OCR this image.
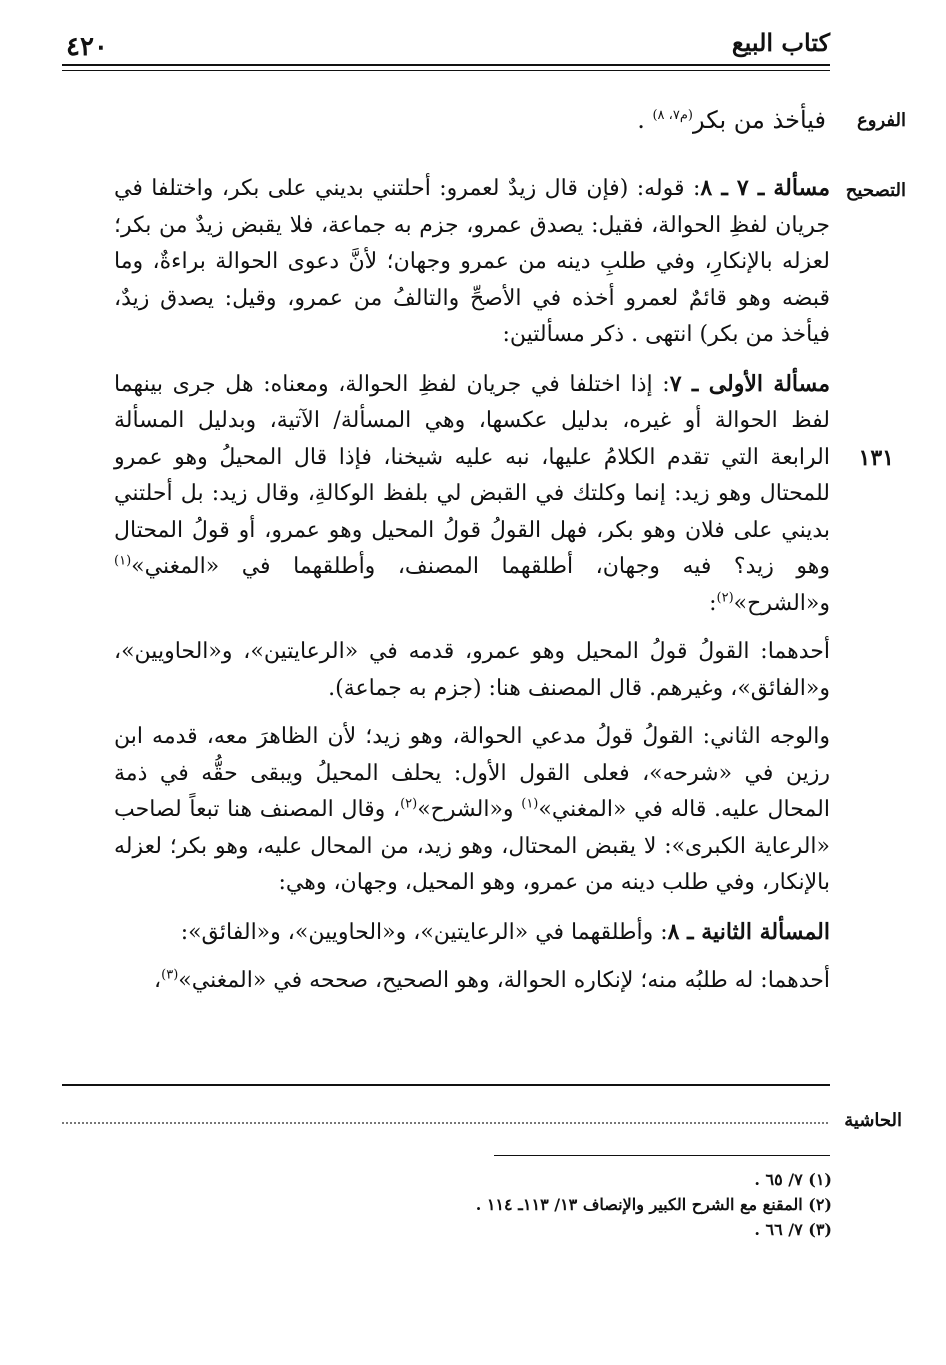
كتاب البيع
٤٢٠
الفروع
فيأخذ من بكر$^{(م٧، ٨)}$ .
التصحيح
١٣١

مسألة ـ ٧ ـ ٨: قوله: (فإن قال زيدٌ لعمرو: أحلتني بديني على بكر، واختلفا في جريان لفظِ الحوالة، فقيل: يصدق عمرو، جزم به جماعة، فلا يقبض زيدٌ من بكر؛ لعزله بالإنكارِ، وفي طلبِ دينه من عمرو وجهان؛ لأنَّ دعوى الحوالة براءةٌ، وما قبضه وهو قائمٌ لعمرو أخذه في الأصحِّ والتالفُ من عمرو، وقيل: يصدق زيدٌ، فيأخذ من بكر) انتهى . ذكر مسألتين:

مسألة الأولى ـ ٧: إذا اختلفا في جريان لفظِ الحوالة، ومعناه: هل جرى بينهما لفظ الحوالة أو غيره، بدليل عكسها، وهي المسألة/ الآتية، وبدليل المسألة الرابعة التي تقدم الكلامُ عليها، نبه عليه شيخنا، فإذا قال المحيلُ وهو عمرو للمحتال وهو زيد: إنما وكلتك في القبض لي بلفظ الوكالةِ، وقال زيد: بل أحلتني بديني على فلان وهو بكر، فهل القولُ قولُ المحيل وهو عمرو، أو قولُ المحتال وهو زيد؟ فيه وجهان، أطلقهما المصنف، وأطلقهما في «المغني»$^{(١)}$ و«الشرح»$^{(٢)}$:

أحدهما: القولُ قولُ المحيل وهو عمرو، قدمه في «الرعايتين»، و«الحاويين»، و«الفائق»، وغيرهم. قال المصنف هنا: (جزم به جماعة).

والوجه الثاني: القولُ قولُ مدعي الحوالة، وهو زيد؛ لأن الظاهرَ معه، قدمه ابن رزين في «شرحه»، فعلى القول الأول: يحلف المحيلُ ويبقى حقُّه في ذمة المحال عليه. قاله في «المغني»$^{(١)}$ و«الشرح»$^{(٢)}$، وقال المصنف هنا تبعاً لصاحب «الرعاية الكبرى»: لا يقبض المحتال، وهو زيد، من المحال عليه، وهو بكر؛ لعزله بالإنكار، وفي طلب دينه من عمرو، وهو المحيل، وجهان، وهي:

المسألة الثانية ـ ٨: وأطلقهما في «الرعايتين»، و«الحاويين»، و«الفائق»:

أحدهما: له طلبُه منه؛ لإنكاره الحوالة، وهو الصحيح، صححه في «المغني»$^{(٣)}$،

الحاشية

(١) ٧/ ٦٥ .

(٢) المقنع مع الشرح الكبير والإنصاف ١٣/ ١١٣ـ ١١٤ .

(٣) ٧/ ٦٦ .
